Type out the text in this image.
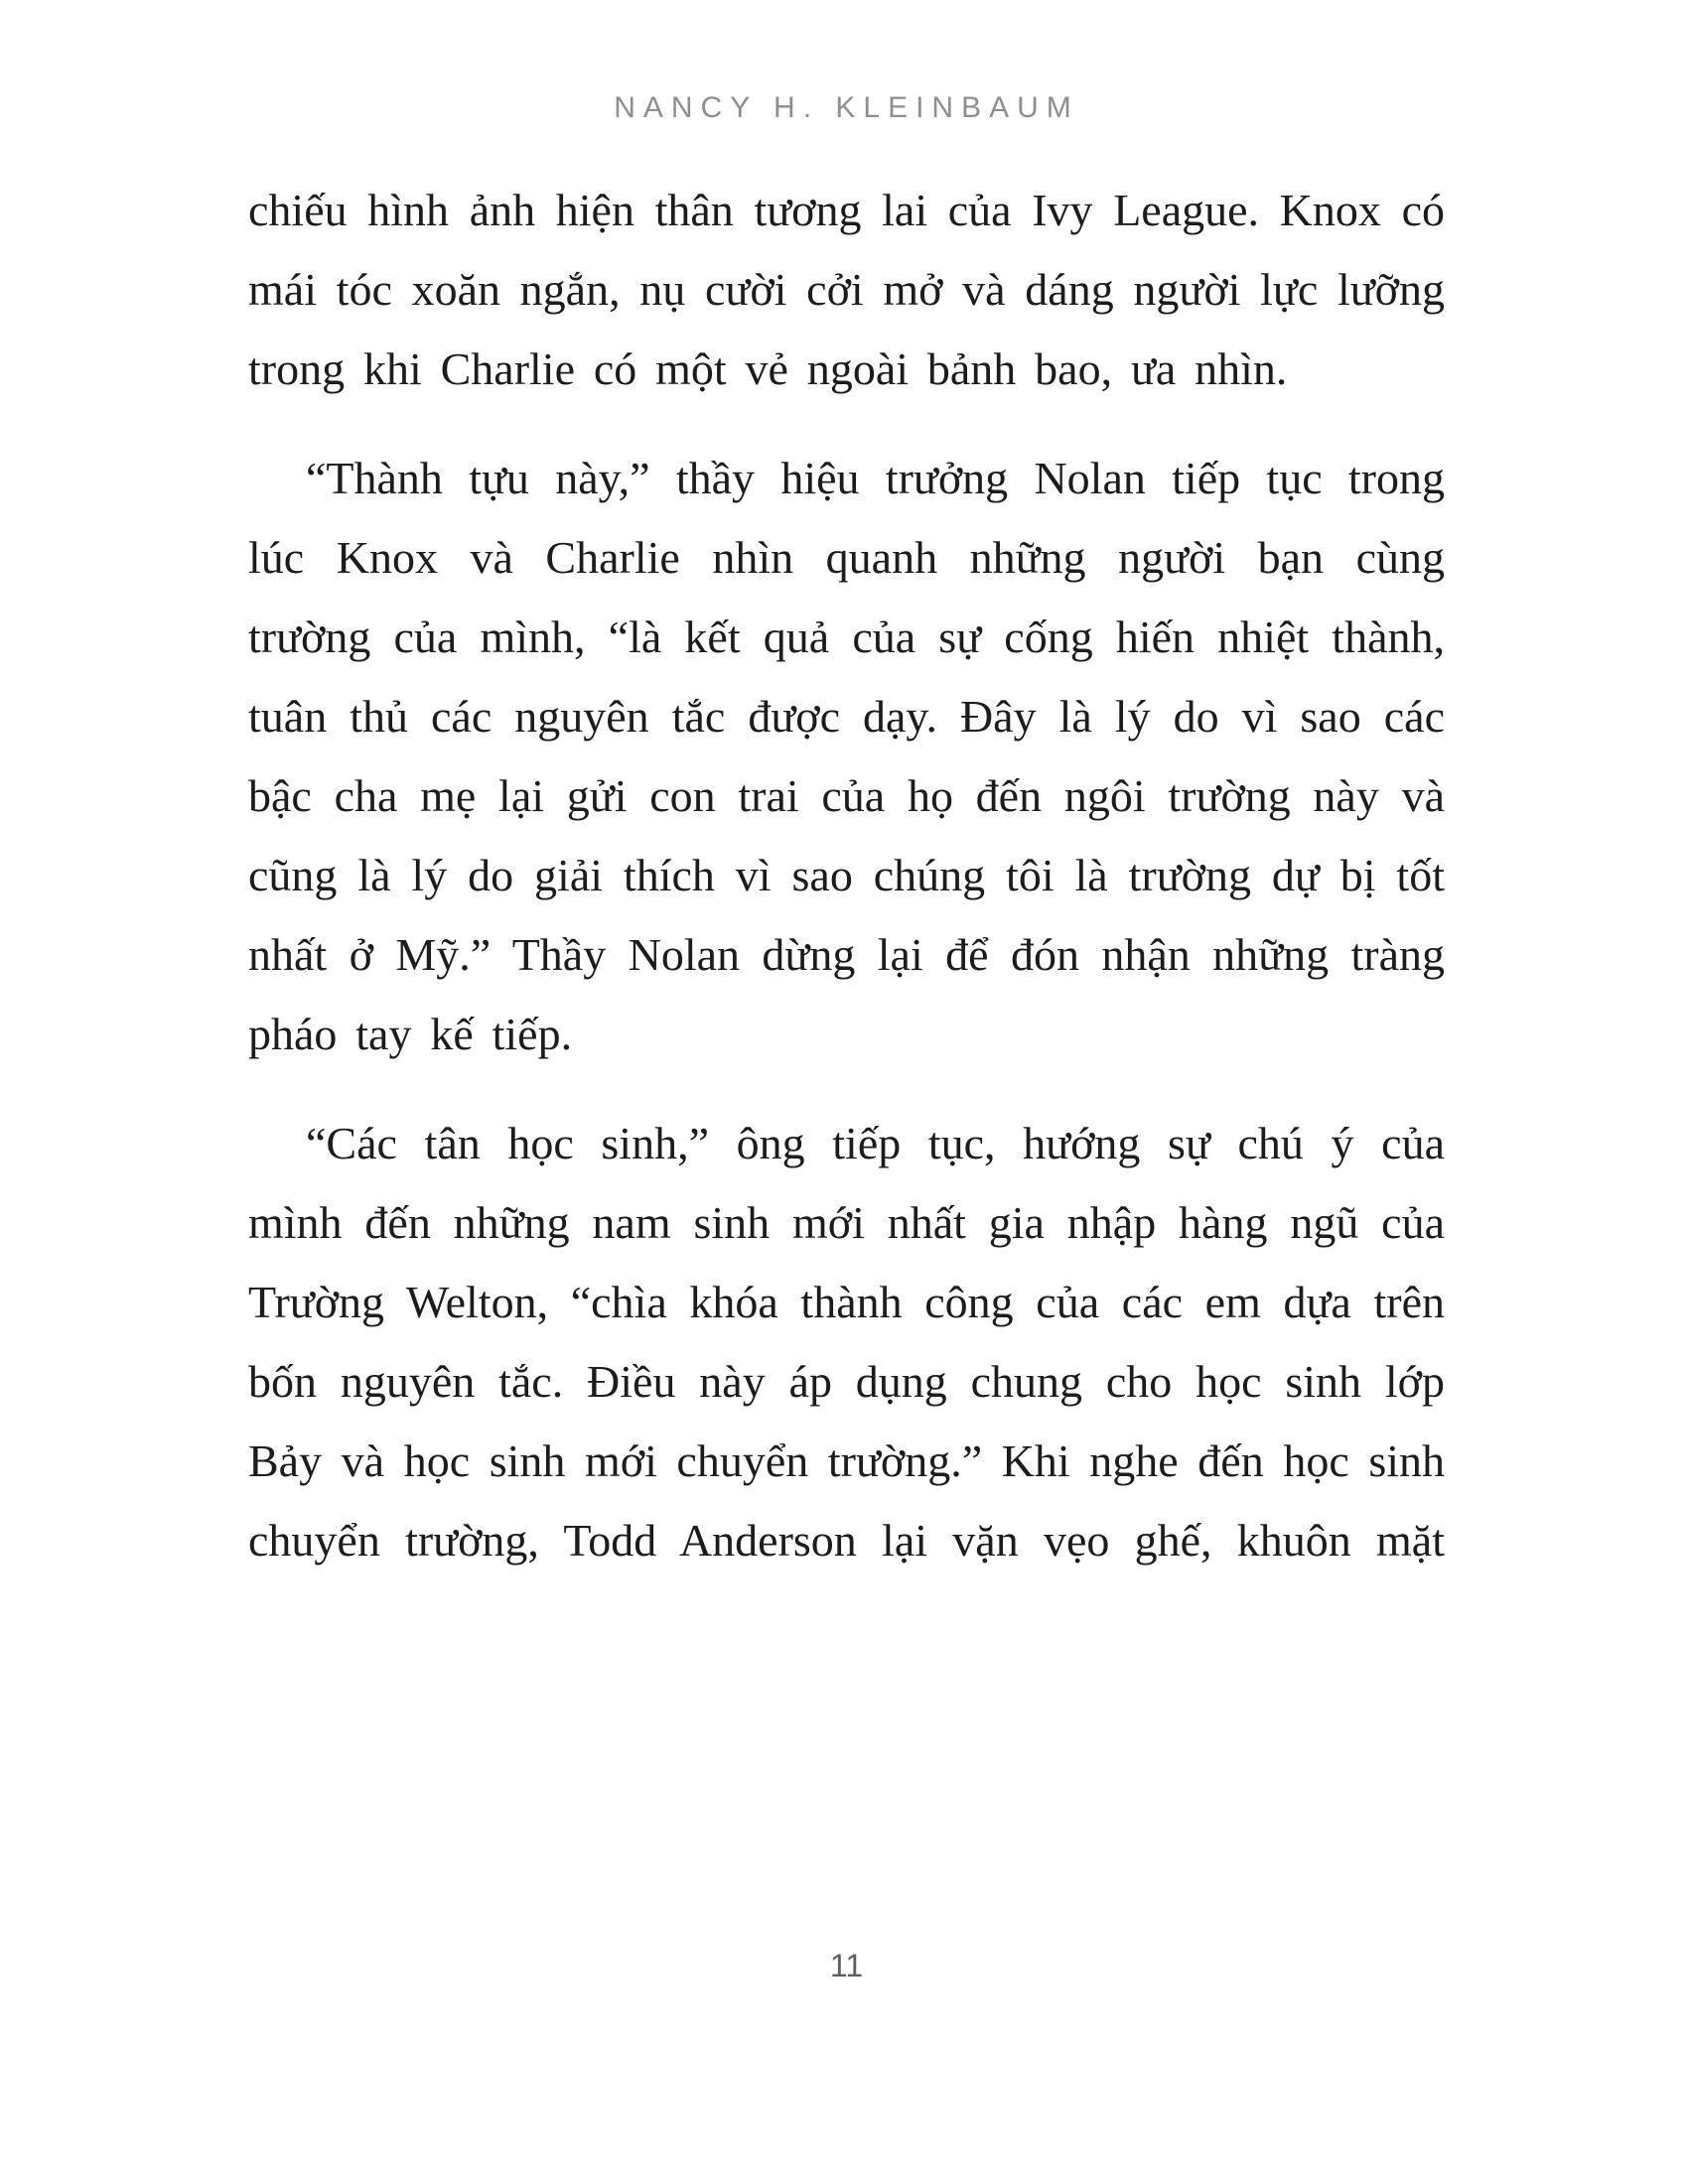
NANCY H. KLEINBAUM

chiếu hình ảnh hiện thân tương lai của Ivy League. Knox có mái tóc xoăn ngắn, nụ cười cởi mở và dáng người lực lưỡng trong khi Charlie có một vẻ ngoài bảnh bao, ưa nhìn.

“Thành tựu này,” thầy hiệu trưởng Nolan tiếp tục trong lúc Knox và Charlie nhìn quanh những người bạn cùng trường của mình, “là kết quả của sự cống hiến nhiệt thành, tuân thủ các nguyên tắc được dạy. Đây là lý do vì sao các bậc cha mẹ lại gửi con trai của họ đến ngôi trường này và cũng là lý do giải thích vì sao chúng tôi là trường dự bị tốt nhất ở Mỹ.” Thầy Nolan dừng lại để đón nhận những tràng pháo tay kế tiếp.

“Các tân học sinh,” ông tiếp tục, hướng sự chú ý của mình đến những nam sinh mới nhất gia nhập hàng ngũ của Trường Welton, “chìa khóa thành công của các em dựa trên bốn nguyên tắc. Điều này áp dụng chung cho học sinh lớp Bảy và học sinh mới chuyển trường.” Khi nghe đến học sinh chuyển trường, Todd Anderson lại vặn vẹo ghế, khuôn mặt

11
